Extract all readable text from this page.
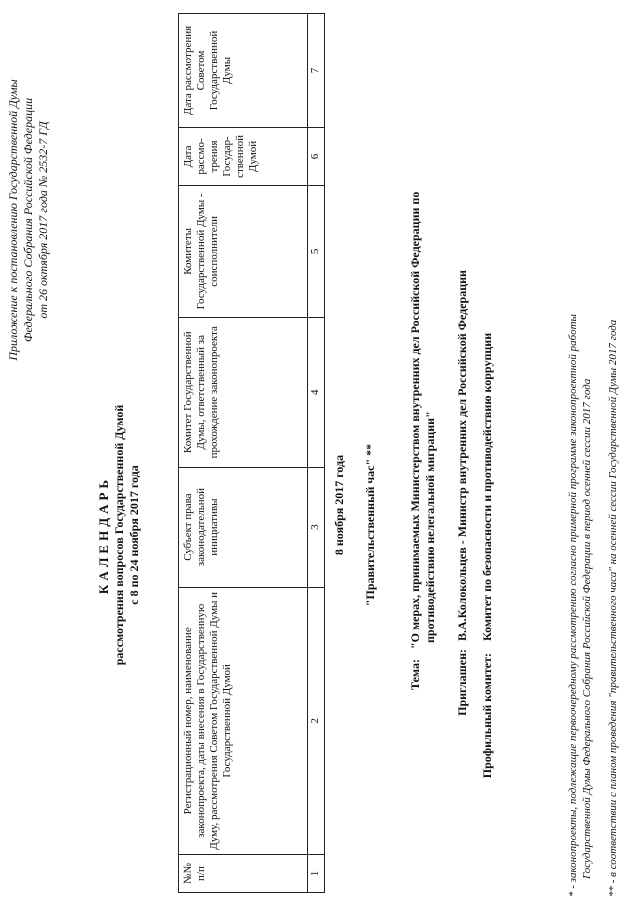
Приложение к постановлению Государственной Думы Федерального Собрания Российской Федерации от 26 октября 2017 года № 2532-7 ГД
КАЛЕНДАРЬ рассмотрения вопросов Государственной Думой с 8 по 24 ноября 2017 года
№№ п/п	Регистрационный номер, наименование законопроекта, даты внесения в Государственную Думу, рассмотрения Советом Государственной Думы и Государственной Думой	Субъект права законодательной инициативы	Комитет Государственной Думы, ответственный за прохождение законопроекта	Комитеты Государственной Думы - соисполнители	Дата рассмо-трения Государ-ственной Думой	Дата рассмотрения Советом Государственной Думы
1	2	3	4	5	6	7
8 ноября 2017 года "Правительственный час" **
Тема:
"О мерах, принимаемых Министерством внутренних дел Российской Федерации по противодействию нелегальной миграции"
Приглашен:
В.А.Колокольцев - Министр внутренних дел Российской Федерации
Профильный комитет:
Комитет по безопасности и противодействию коррупции	* - законопроекты, подлежащие первоочередному рассмотрению согласно примерной программе законопроектной работы Государственной Думы Федерального Собрания Российской Федерации в период осенней сессии 2017 года ** - в соответствии с планом проведения "правительственного часа" на осенней сессии Государственной Думы 2017 года
